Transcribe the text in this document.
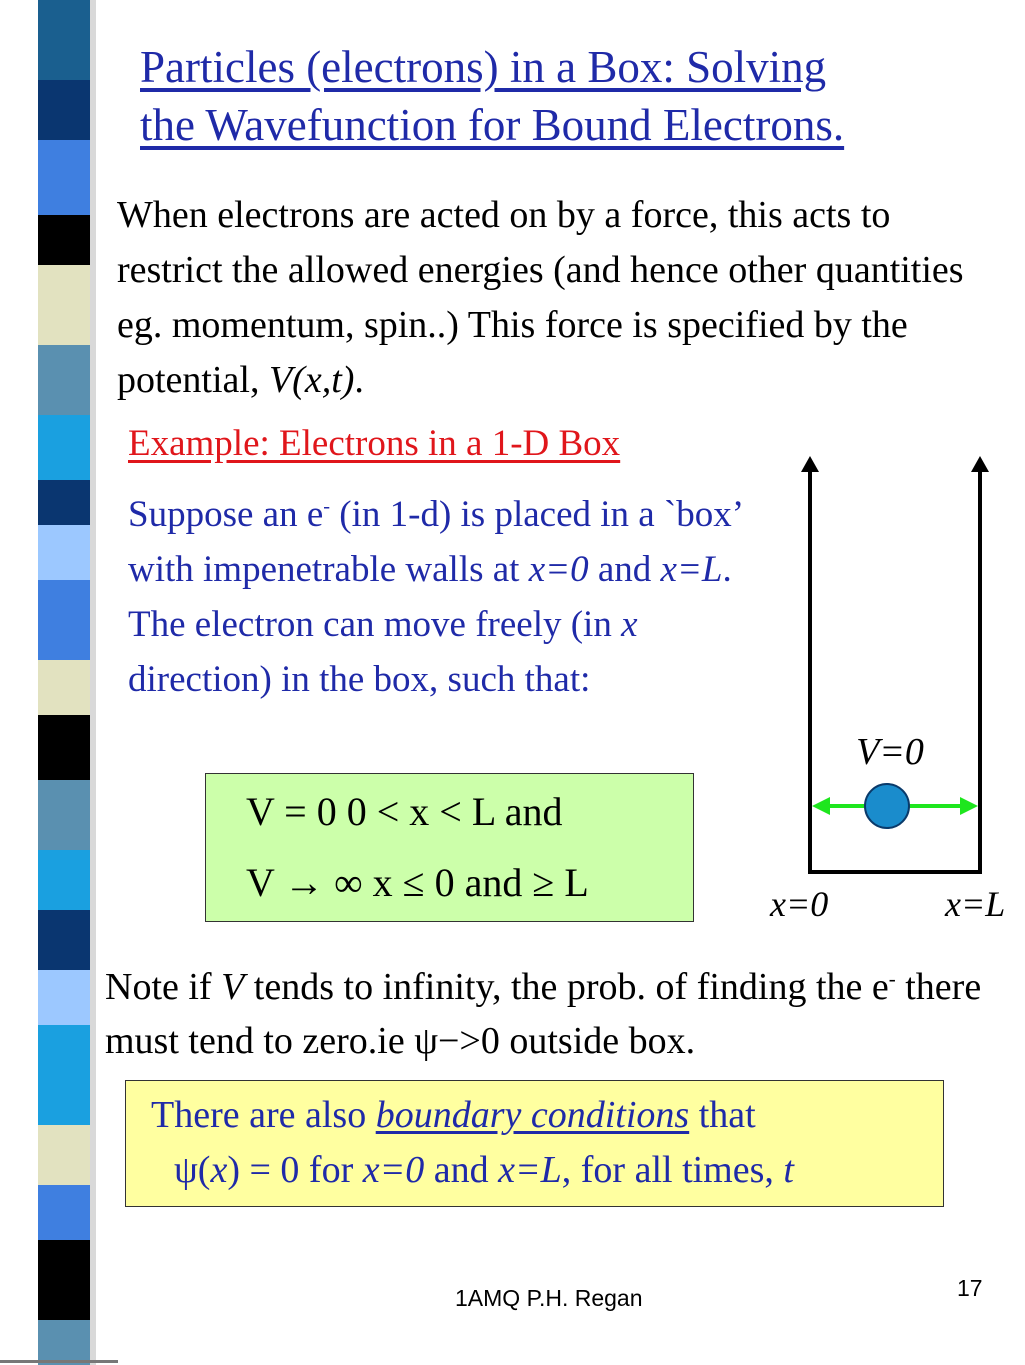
Particles (electrons) in a Box: Solving
the Wavefunction for Bound Electrons.
When electrons are acted on by a force, this acts to restrict the allowed energies (and hence other quantities eg. momentum, spin..) This force is specified by the potential, V(x,t).
Example: Electrons in a 1-D Box
Suppose an e- (in 1-d) is placed in a `box’ with impenetrable walls at x=0 and x=L. The electron can move freely (in x direction) in the box, such that:
V = 0 0 < x < L and
V → ∞ x ≤ 0 and ≥ L
V=0
x=0	x=L
Note if V tends to infinity, the prob. of finding the e- there must tend to zero.ie ψ−>0 outside box.
There are also boundary conditions that
ψ(x) = 0 for x=0 and x=L, for all times, t
1AMQ P.H. Regan	17
